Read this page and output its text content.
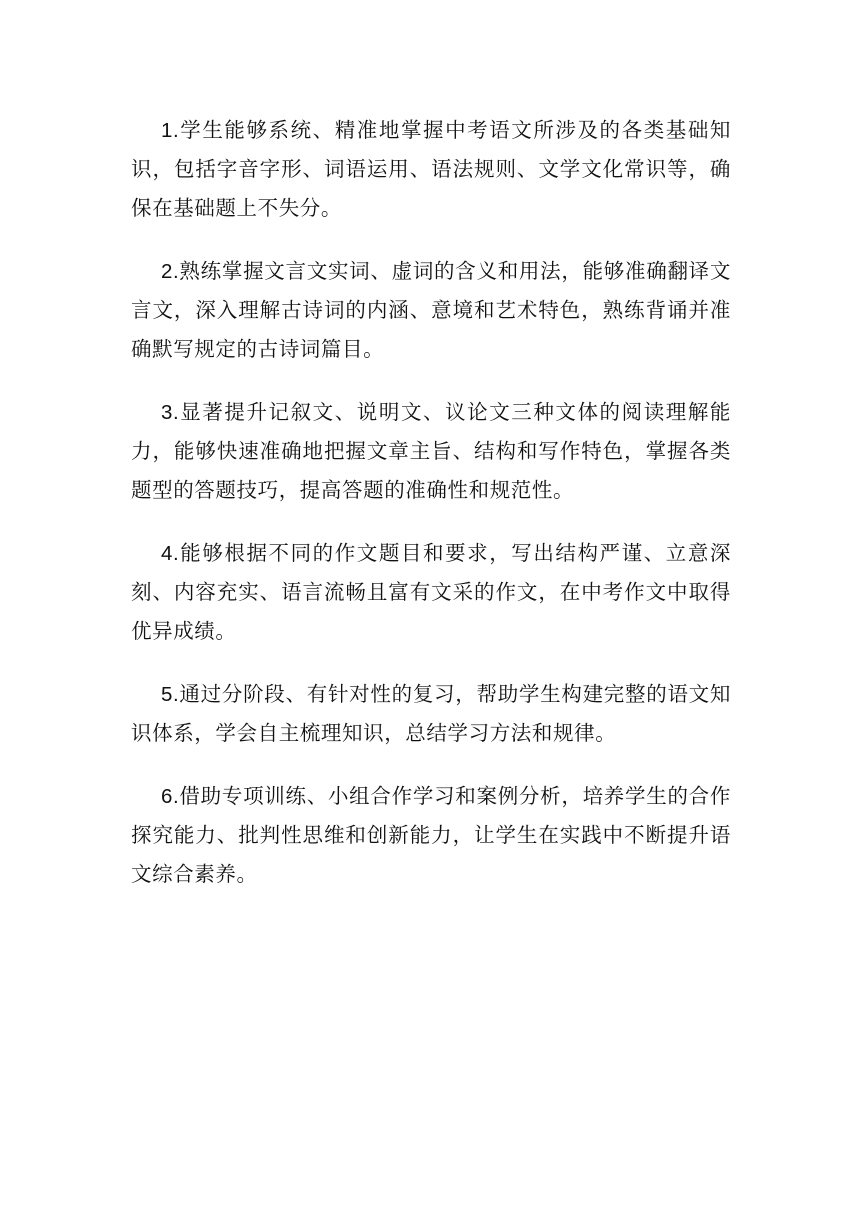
1.学生能够系统、精准地掌握中考语文所涉及的各类基础知识，包括字音字形、词语运用、语法规则、文学文化常识等，确保在基础题上不失分。

2.熟练掌握文言文实词、虚词的含义和用法，能够准确翻译文言文，深入理解古诗词的内涵、意境和艺术特色，熟练背诵并准确默写规定的古诗词篇目。

3.显著提升记叙文、说明文、议论文三种文体的阅读理解能力，能够快速准确地把握文章主旨、结构和写作特色，掌握各类题型的答题技巧，提高答题的准确性和规范性。

4.能够根据不同的作文题目和要求，写出结构严谨、立意深刻、内容充实、语言流畅且富有文采的作文，在中考作文中取得优异成绩。

5.通过分阶段、有针对性的复习，帮助学生构建完整的语文知识体系，学会自主梳理知识，总结学习方法和规律。

6.借助专项训练、小组合作学习和案例分析，培养学生的合作探究能力、批判性思维和创新能力，让学生在实践中不断提升语文综合素养。
